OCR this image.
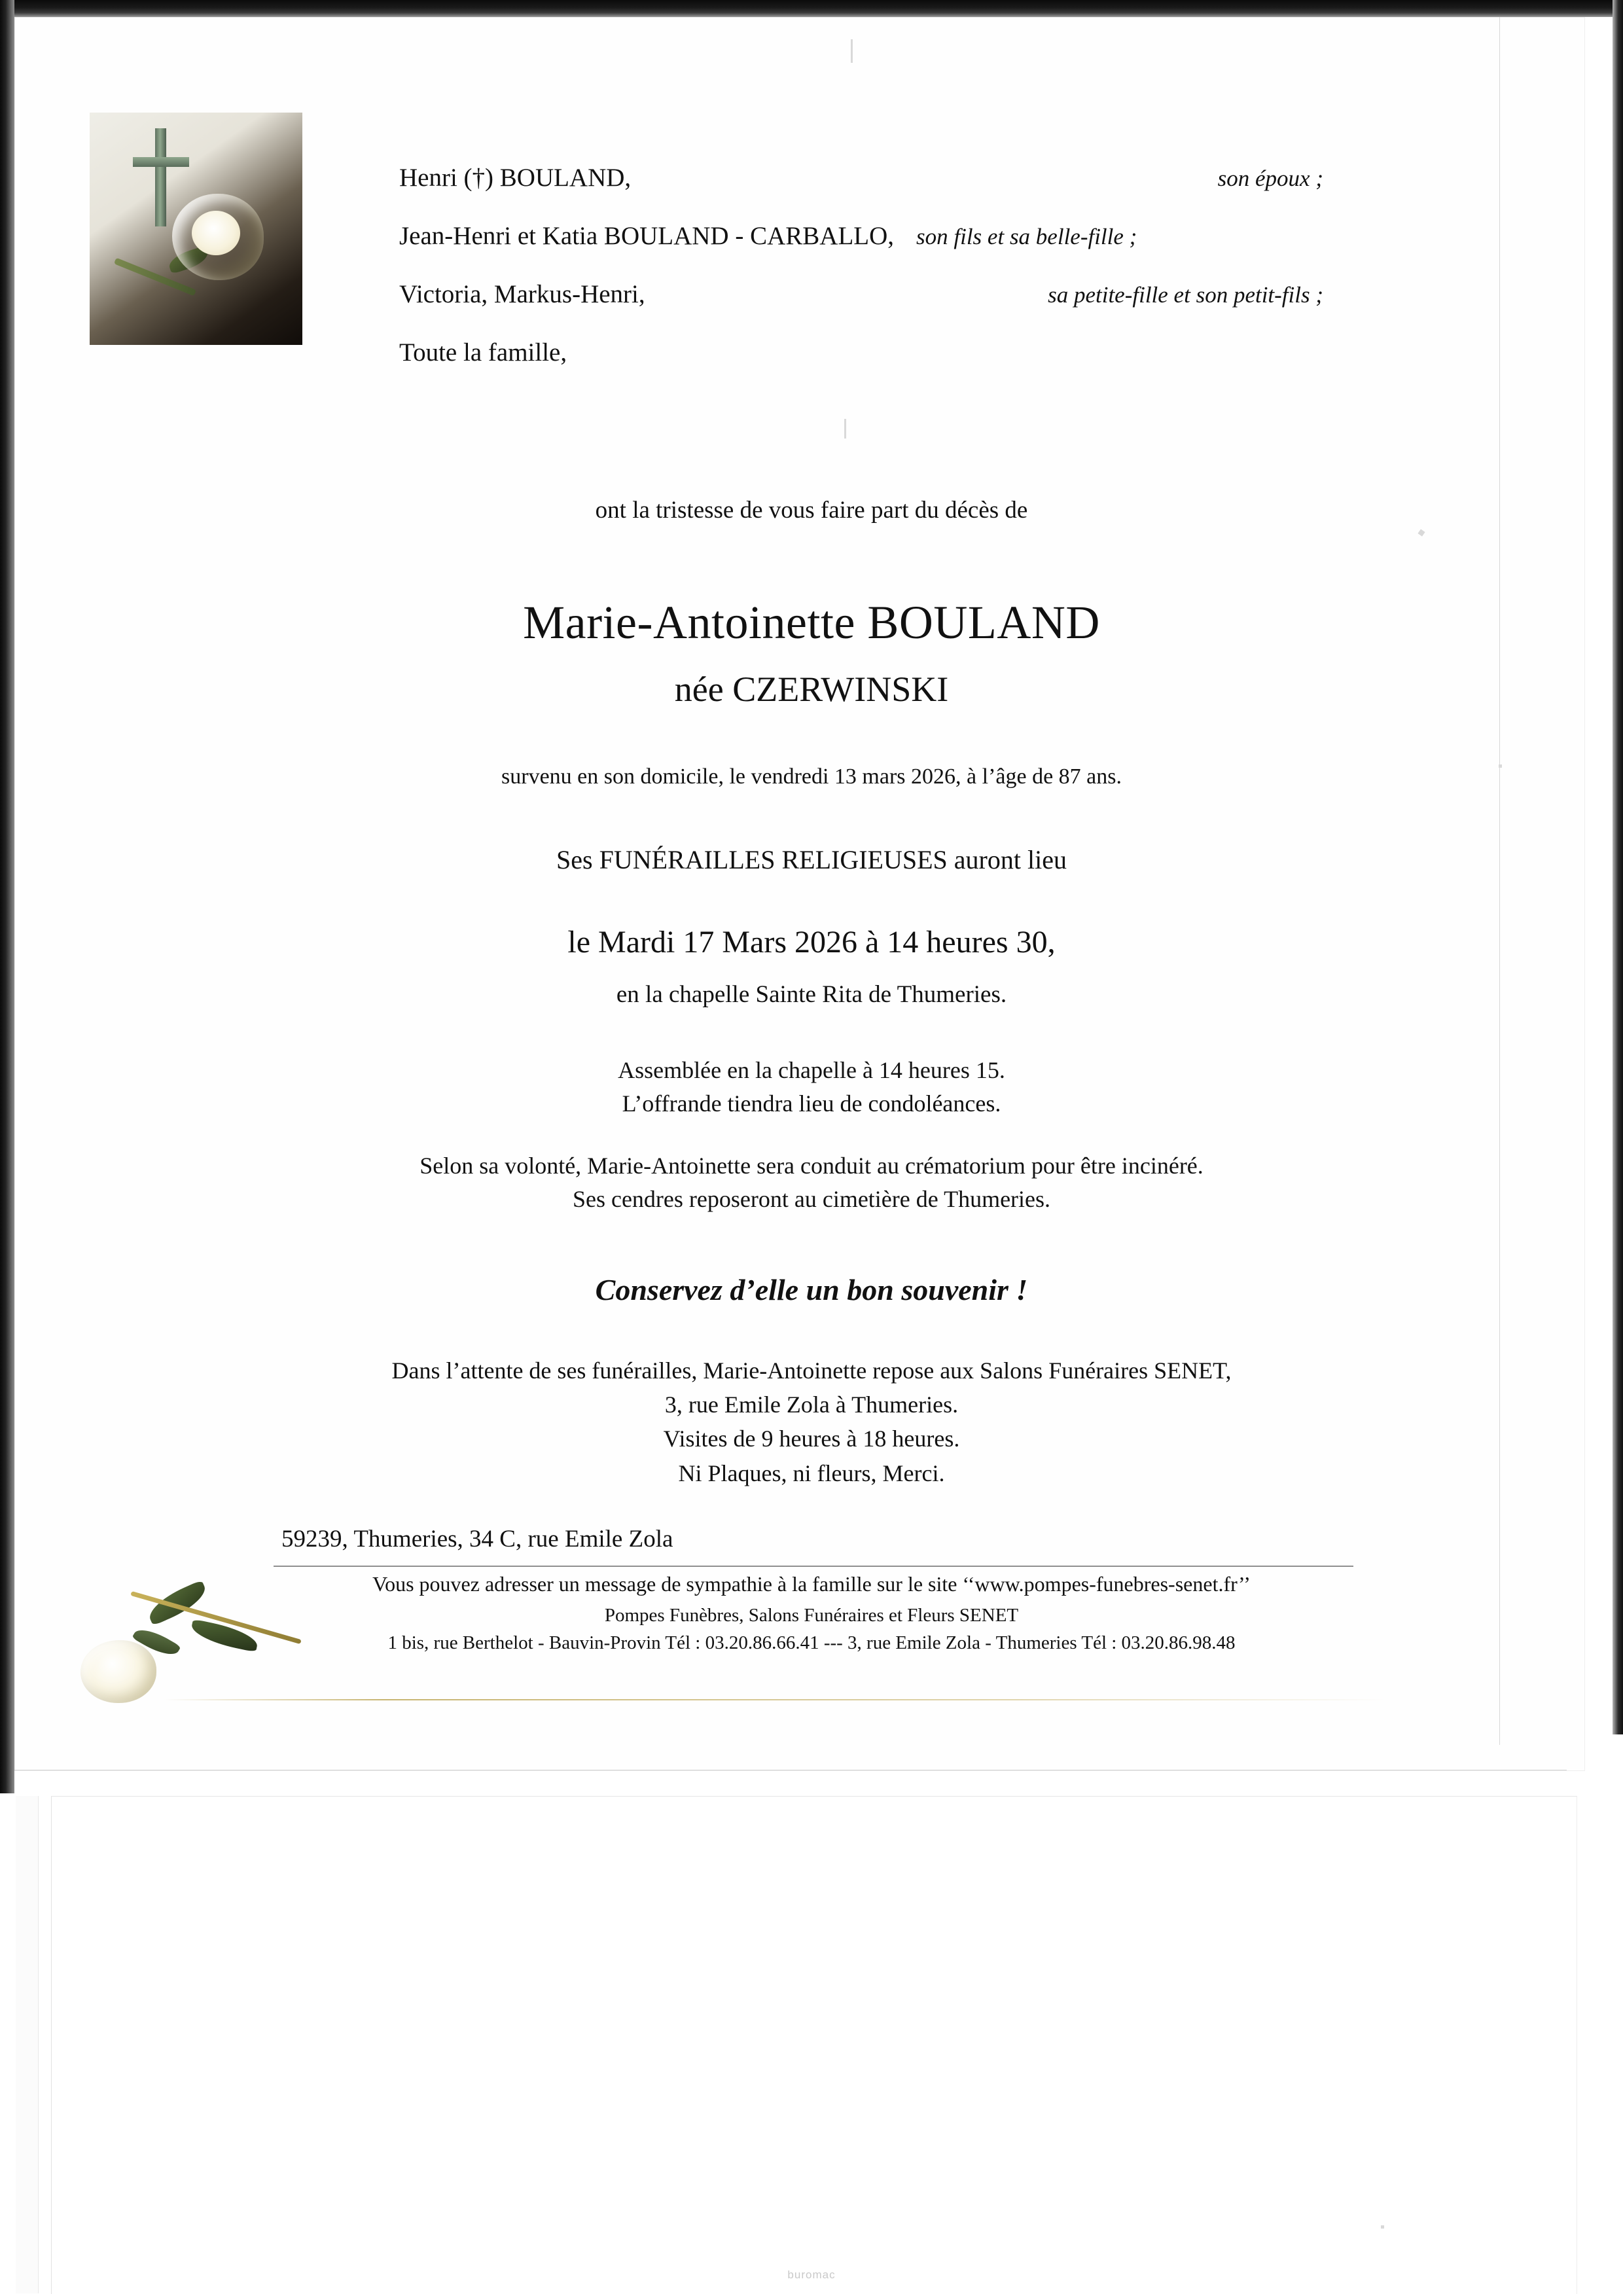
Henri (†) BOULAND,	son époux ;
Jean-Henri et Katia BOULAND - CARBALLO, son fils et sa belle-fille ;
Victoria, Markus-Henri,	sa petite-fille et son petit-fils ;
Toute la famille,
ont la tristesse de vous faire part du décès de
Marie-Antoinette BOULAND
née CZERWINSKI
survenu en son domicile, le vendredi 13 mars 2026, à l’âge de 87 ans.
Ses FUNÉRAILLES RELIGIEUSES auront lieu
le Mardi 17 Mars 2026 à 14 heures 30,
en la chapelle Sainte Rita de Thumeries.
Assemblée en la chapelle à 14 heures 15.
L’offrande tiendra lieu de condoléances.
Selon sa volonté, Marie-Antoinette sera conduit au crématorium pour être incinéré.
Ses cendres reposeront au cimetière de Thumeries.
Conservez d’elle un bon souvenir !
Dans l’attente de ses funérailles, Marie-Antoinette repose aux Salons Funéraires SENET,
3, rue Emile Zola à Thumeries.
Visites de 9 heures à 18 heures.
Ni Plaques, ni fleurs, Merci.
59239, Thumeries, 34 C, rue Emile Zola
Vous pouvez adresser un message de sympathie à la famille sur le site ‘‘www.pompes-funebres-senet.fr’’
Pompes Funèbres, Salons Funéraires et Fleurs SENET
1 bis, rue Berthelot - Bauvin-Provin Tél : 03.20.86.66.41 --- 3, rue Emile Zola - Thumeries Tél : 03.20.86.98.48
buromac
